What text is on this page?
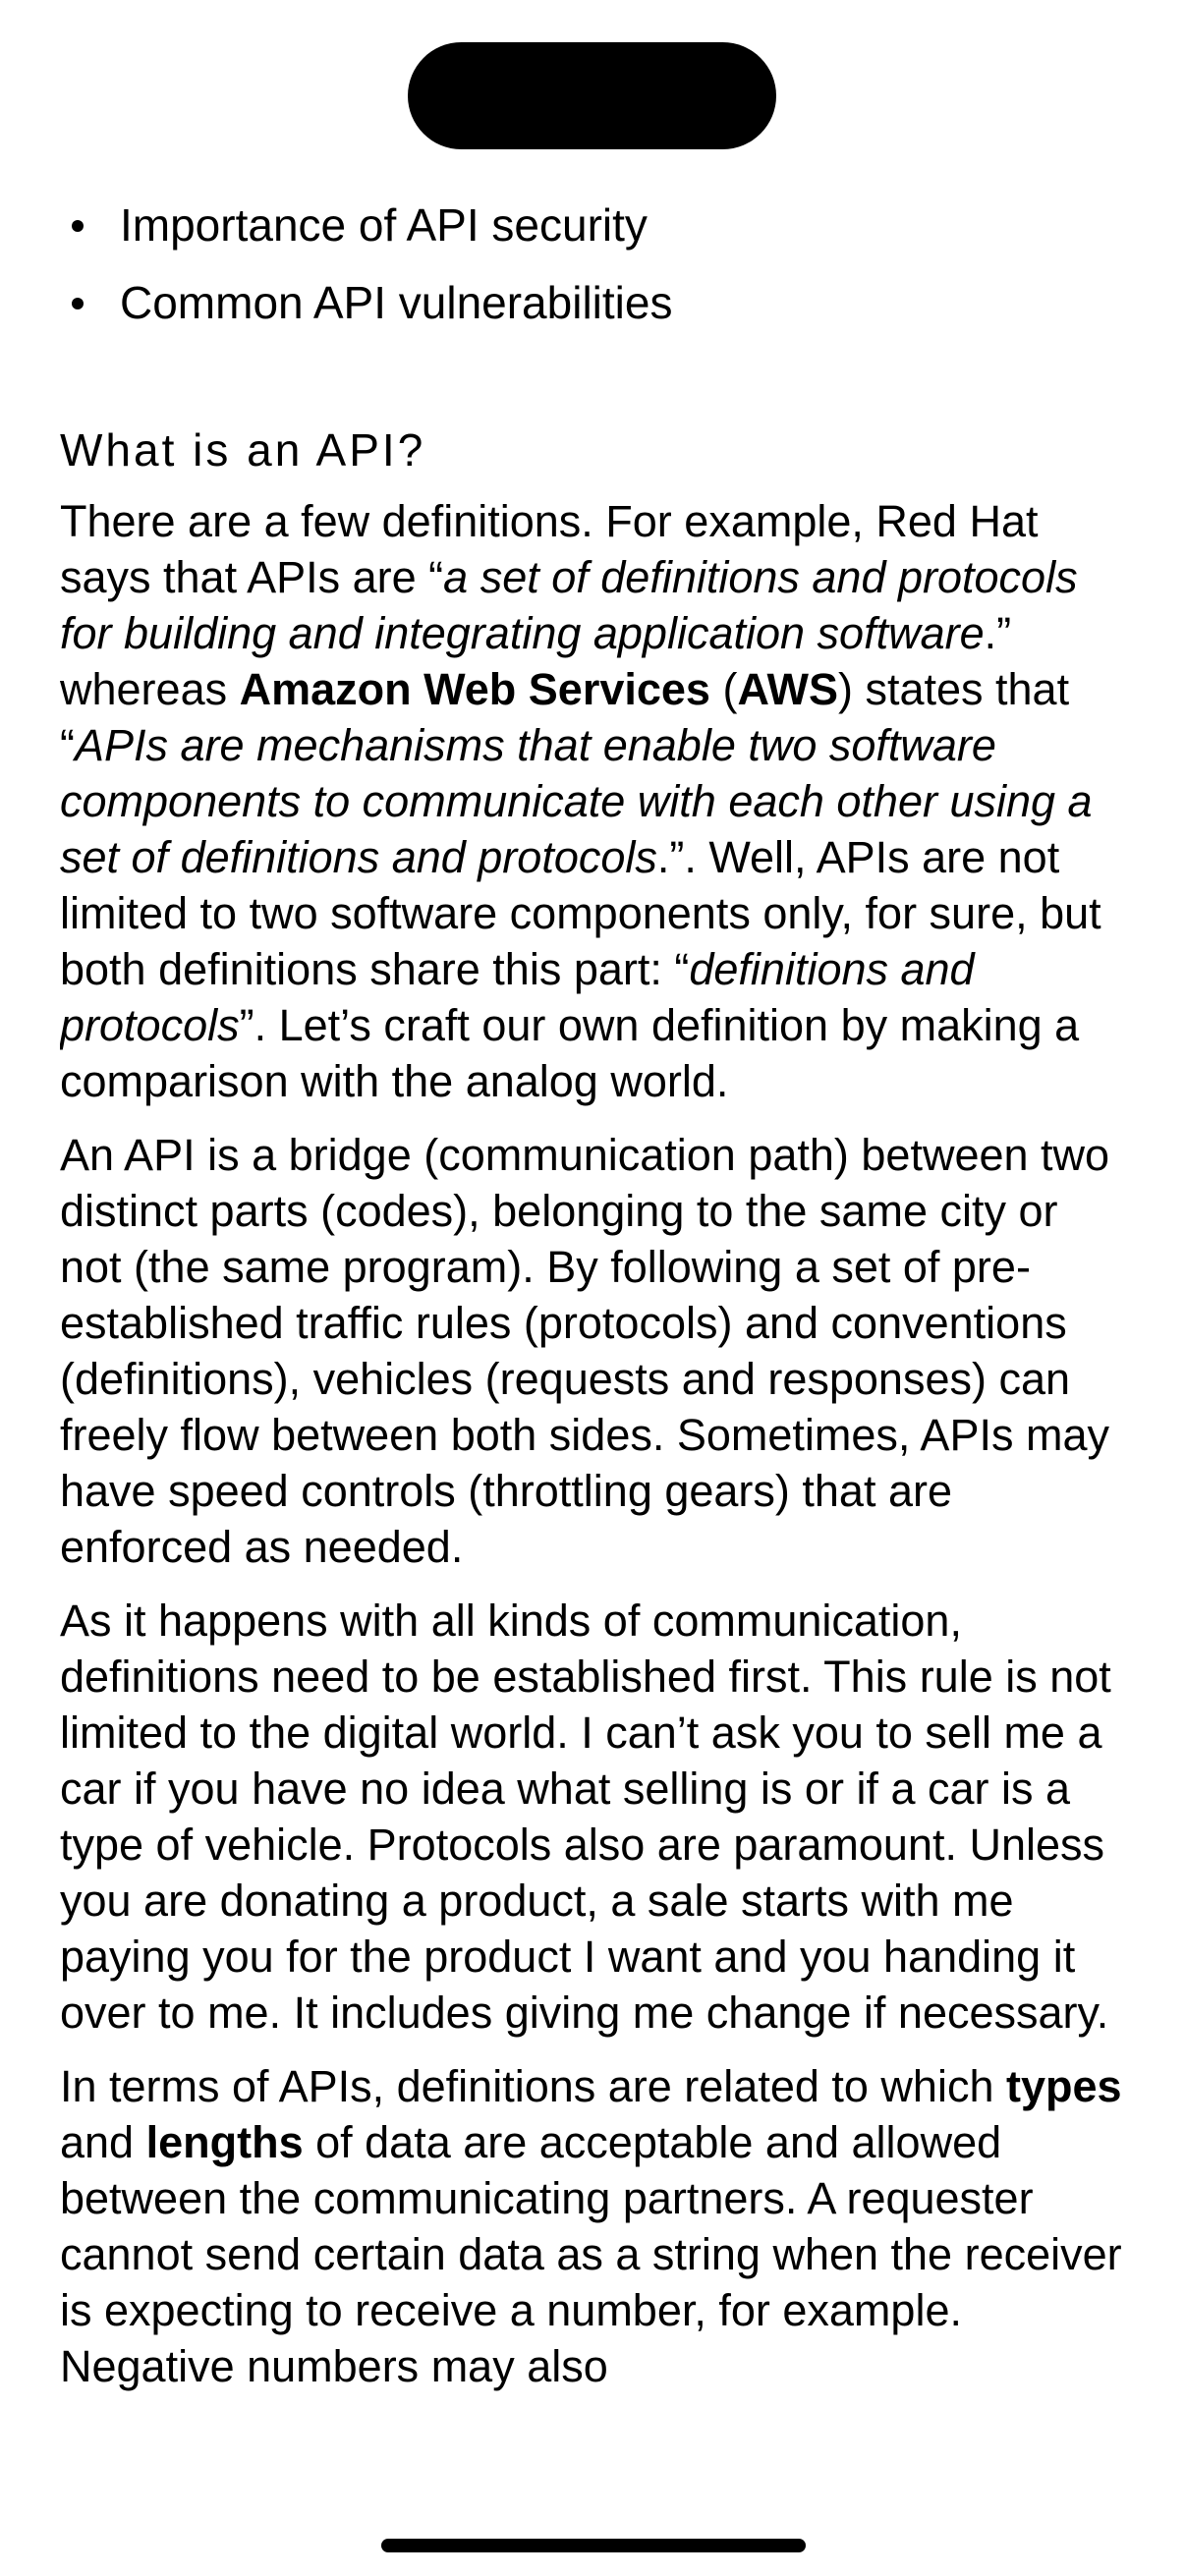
Importance of API security
Common API vulnerabilities
What is an API?

There are a few definitions. For example, Red Hat says that APIs are “a set of definitions and protocols for building and integrating application software.” whereas Amazon Web Services (AWS) states that “APIs are mechanisms that enable two software components to communicate with each other using a set of definitions and protocols.”. Well, APIs are not limited to two software components only, for sure, but both definitions share this part: “definitions and protocols”. Let’s craft our own definition by making a comparison with the analog world.

An API is a bridge (communication path) between two distinct parts (codes), belonging to the same city or not (the same program). By following a set of pre-established traffic rules (protocols) and conventions (definitions), vehicles (requests and responses) can freely flow between both sides. Sometimes, APIs may have speed controls (throttling gears) that are enforced as needed.

As it happens with all kinds of communication, definitions need to be established first. This rule is not limited to the digital world. I can’t ask you to sell me a car if you have no idea what selling is or if a car is a type of vehicle. Protocols also are paramount. Unless you are donating a product, a sale starts with me paying you for the product I want and you handing it over to me. It includes giving me change if necessary.

In terms of APIs, definitions are related to which types and lengths of data are acceptable and allowed between the communicating partners. A requester cannot send certain data as a string when the receiver is expecting to receive a number, for example. Negative numbers may also
